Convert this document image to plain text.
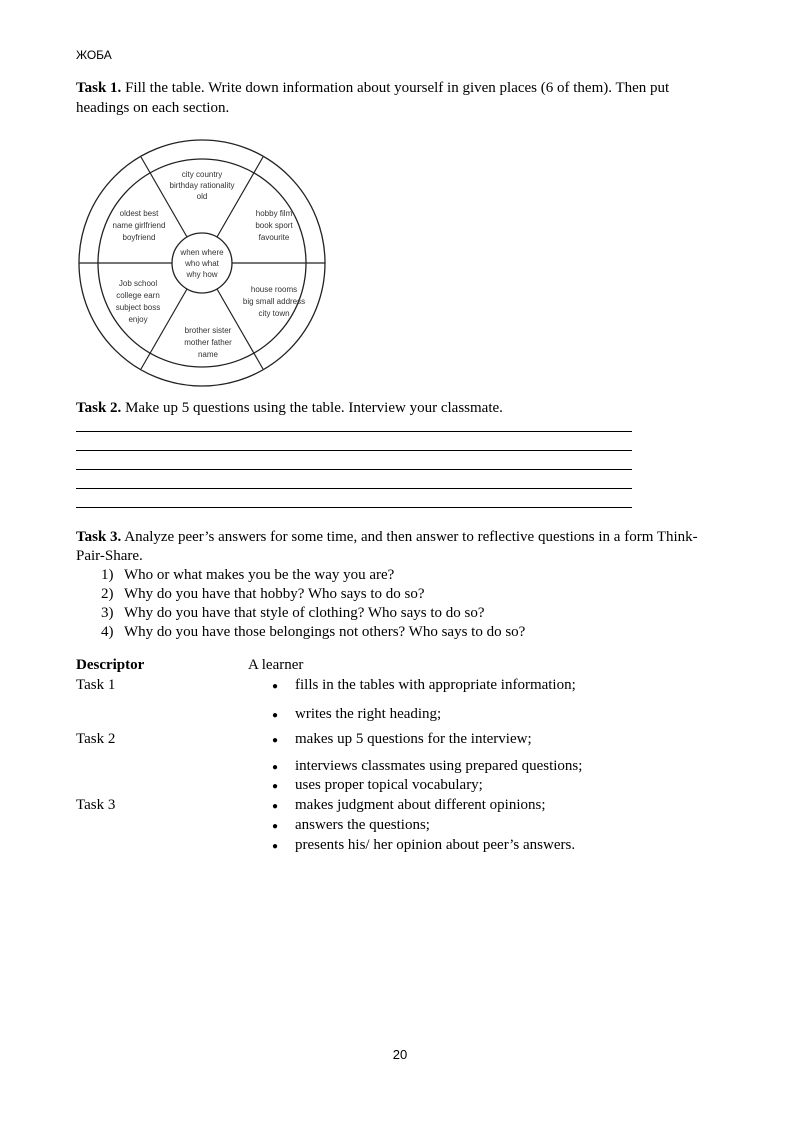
ЖОБА
Task 1. Fill the table. Write down information about yourself in given places (6 of them). Then put headings on each section.
when where
who what
why how
city country
birthday rationality
old
hobby film
book sport
favourite
house rooms
big small address
city town
brother sister
mother father
name
Job school
college earn
subject boss
enjoy
oldest best
name girlfriend
boyfriend
Task 2. Make up 5 questions using the table. Interview your classmate.
Task 3. Analyze peer’s answers for some time, and then answer to reflective questions in a form Think-Pair-Share.
1) Who or what makes you be the way you are?
2) Why do you have that hobby? Who says to do so?
3) Why do you have that style of clothing? Who says to do so?
4) Why do you have those belongings not others? Who says to do so?
Descriptor	A learner
Task 1
Task 2
Task 3
● fills in the tables with appropriate information;
● writes the right heading;
● makes up 5 questions for the interview;
● interviews classmates using prepared questions;
● uses proper topical vocabulary;
● makes judgment about different opinions;
● answers the questions;
● presents his/ her opinion about peer’s answers.
20
